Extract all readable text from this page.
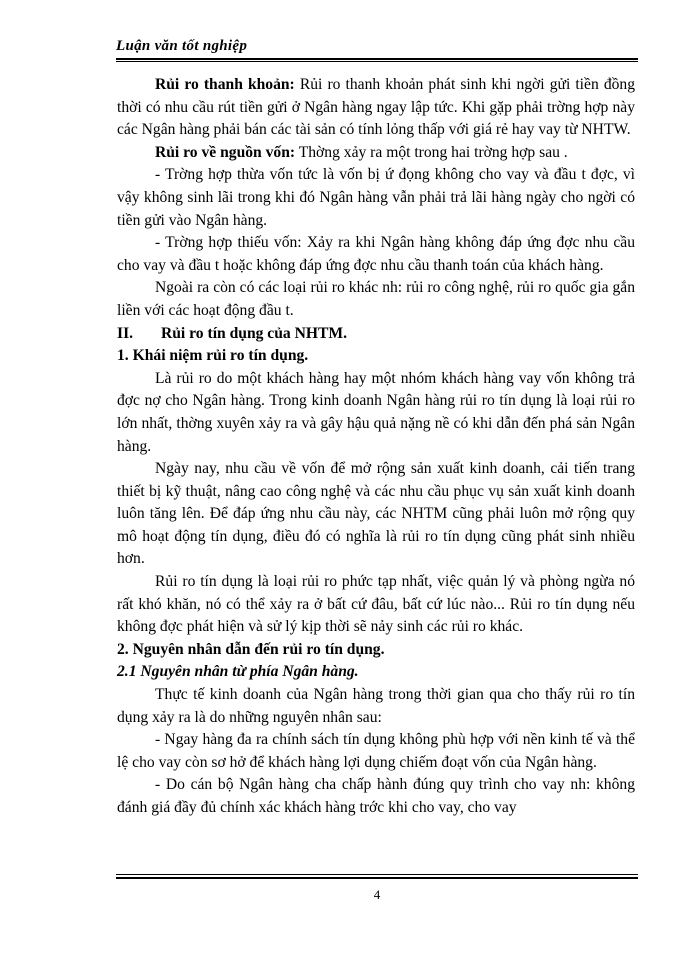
Luận văn tốt nghiệp

Rủi ro thanh khoản: Rủi ro thanh khoản phát sinh khi ngời gửi tiền đồng thời có nhu cầu rút tiền gửi ở Ngân hàng ngay lập tức. Khi gặp phải trờng hợp này các Ngân hàng phải bán các tài sản có tính lỏng thấp với giá rẻ hay vay từ NHTW.

Rủi ro về nguồn vốn: Thờng xảy ra một trong hai trờng hợp sau .

- Trờng hợp thừa vốn tức là vốn bị ứ đọng không cho vay và đầu t đợc, vì vậy không sinh lãi trong khi đó Ngân hàng vẫn phải trả lãi hàng ngày cho ngời có tiền gửi vào Ngân hàng.

- Trờng hợp thiếu vốn: Xảy ra khi Ngân hàng không đáp ứng đợc nhu cầu cho vay và đầu t hoặc không đáp ứng đợc nhu cầu thanh toán của khách hàng.

Ngoài ra còn có các loại rủi ro khác nh: rủi ro công nghệ, rủi ro quốc gia gắn liền với các hoạt động đầu t.

II. Rủi ro tín dụng của NHTM.

1. Khái niệm rủi ro tín dụng.

Là rủi ro do một khách hàng hay một nhóm khách hàng vay vốn không trả đợc nợ cho Ngân hàng. Trong kinh doanh Ngân hàng rủi ro tín dụng là loại rủi ro lớn nhất, thờng xuyên xảy ra và gây hậu quả nặng nề có khi dẫn đến phá sản Ngân hàng.

Ngày nay, nhu cầu về vốn để mở rộng sản xuất kinh doanh, cải tiến trang thiết bị kỹ thuật, nâng cao công nghệ và các nhu cầu phục vụ sản xuất kinh doanh luôn tăng lên. Để đáp ứng nhu cầu này, các NHTM cũng phải luôn mở rộng quy mô hoạt động tín dụng, điều đó có nghĩa là rủi ro tín dụng cũng phát sinh nhiều hơn.

Rủi ro tín dụng là loại rủi ro phức tạp nhất, việc quản lý và phòng ngừa nó rất khó khăn, nó có thể xảy ra ở bất cứ đâu, bất cứ lúc nào... Rủi ro tín dụng nếu không đợc phát hiện và sử lý kịp thời sẽ nảy sinh các rủi ro khác.

2. Nguyên nhân dẫn đến rủi ro tín dụng.

2.1 Nguyên nhân từ phía Ngân hàng.

Thực tế kinh doanh của Ngân hàng trong thời gian qua cho thấy rủi ro tín dụng xảy ra là do những nguyên nhân sau:

- Ngay hàng đa ra chính sách tín dụng không phù hợp với nền kinh tế và thể lệ cho vay còn sơ hở để khách hàng lợi dụng chiếm đoạt vốn của Ngân hàng.

- Do cán bộ Ngân hàng cha chấp hành đúng quy trình cho vay nh: không đánh giá đầy đủ chính xác khách hàng trớc khi cho vay, cho vay

4
